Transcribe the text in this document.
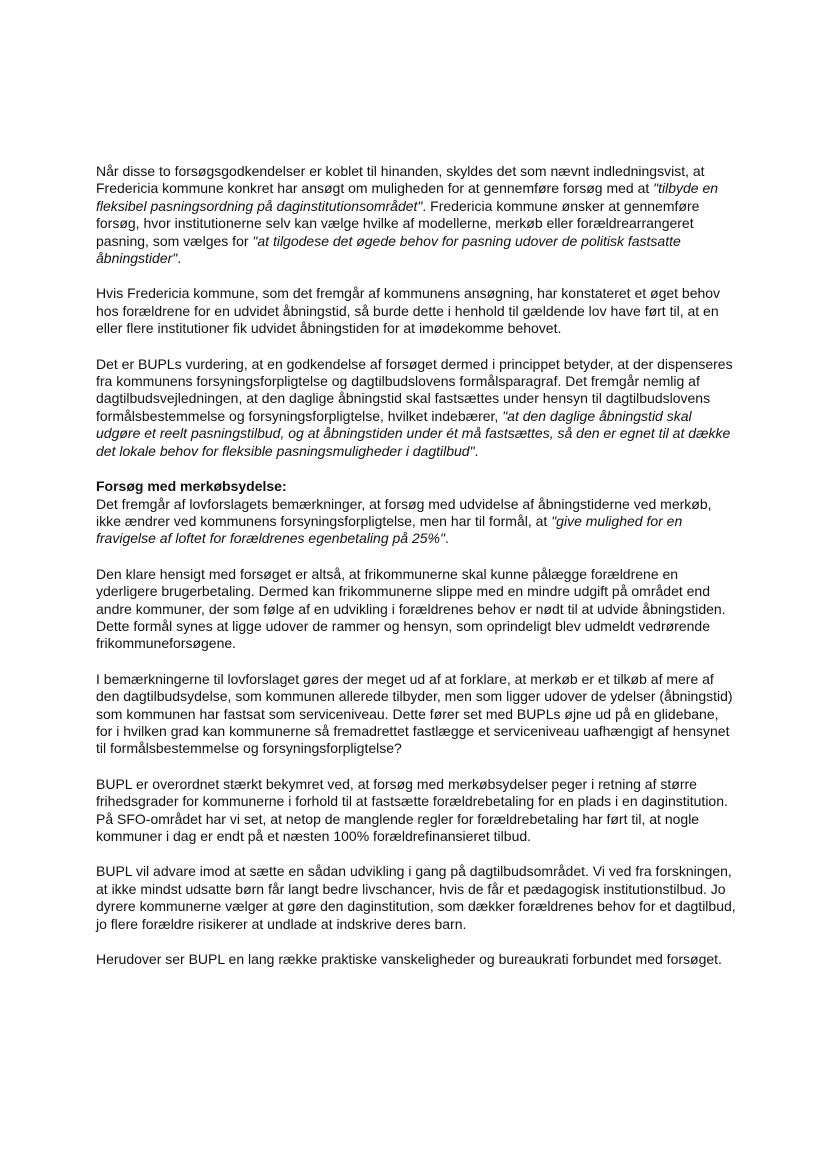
Når disse to forsøgsgodkendelser er koblet til hinanden, skyldes det som nævnt indledningsvist, at Fredericia kommune konkret har ansøgt om muligheden for at gennemføre forsøg med at "tilbyde en fleksibel pasningsordning på daginstitutionsområdet". Fredericia kommune ønsker at gennemføre forsøg, hvor institutionerne selv kan vælge hvilke af modellerne, merkøb eller forældrearrangeret pasning, som vælges for "at tilgodese det øgede behov for pasning udover de politisk fastsatte åbningstider".

Hvis Fredericia kommune, som det fremgår af kommunens ansøgning, har konstateret et øget behov hos forældrene for en udvidet åbningstid, så burde dette i henhold til gældende lov have ført til, at en eller flere institutioner fik udvidet åbningstiden for at imødekomme behovet.

Det er BUPLs vurdering, at en godkendelse af forsøget dermed i princippet betyder, at der dispenseres fra kommunens forsyningsforpligtelse og dagtilbudslovens formålsparagraf. Det fremgår nemlig af dagtilbudsvejledningen, at den daglige åbningstid skal fastsættes under hensyn til dagtilbudslovens formålsbestemmelse og forsyningsforpligtelse, hvilket indebærer, "at den daglige åbningstid skal udgøre et reelt pasningstilbud, og at åbningstiden under ét må fastsættes, så den er egnet til at dække det lokale behov for fleksible pasningsmuligheder i dagtilbud".

Forsøg med merkøbsydelse:

Det fremgår af lovforslagets bemærkninger, at forsøg med udvidelse af åbningstiderne ved merkøb, ikke ændrer ved kommunens forsyningsforpligtelse, men har til formål, at "give mulighed for en fravigelse af loftet for forældrenes egenbetaling på 25%".

Den klare hensigt med forsøget er altså, at frikommunerne skal kunne pålægge forældrene en yderligere brugerbetaling. Dermed kan frikommunerne slippe med en mindre udgift på området end andre kommuner, der som følge af en udvikling i forældrenes behov er nødt til at udvide åbningstiden. Dette formål synes at ligge udover de rammer og hensyn, som oprindeligt blev udmeldt vedrørende frikommuneforsøgene.

I bemærkningerne til lovforslaget gøres der meget ud af at forklare, at merkøb er et tilkøb af mere af den dagtilbudsydelse, som kommunen allerede tilbyder, men som ligger udover de ydelser (åbningstid) som kommunen har fastsat som serviceniveau. Dette fører set med BUPLs øjne ud på en glidebane, for i hvilken grad kan kommunerne så fremadrettet fastlægge et serviceniveau uafhængigt af hensynet til formålsbestemmelse og forsyningsforpligtelse?

BUPL er overordnet stærkt bekymret ved, at forsøg med merkøbsydelser peger i retning af større frihedsgrader for kommunerne i forhold til at fastsætte forældrebetaling for en plads i en daginstitution. På SFO-området har vi set, at netop de manglende regler for forældrebetaling har ført til, at nogle kommuner i dag er endt på et næsten 100% forældrefinansieret tilbud.

BUPL vil advare imod at sætte en sådan udvikling i gang på dagtilbudsområdet. Vi ved fra forskningen, at ikke mindst udsatte børn får langt bedre livschancer, hvis de får et pædagogisk institutionstilbud. Jo dyrere kommunerne vælger at gøre den daginstitution, som dækker forældrenes behov for et dagtilbud, jo flere forældre risikerer at undlade at indskrive deres barn.

Herudover ser BUPL en lang række praktiske vanskeligheder og bureaukrati forbundet med forsøget.
